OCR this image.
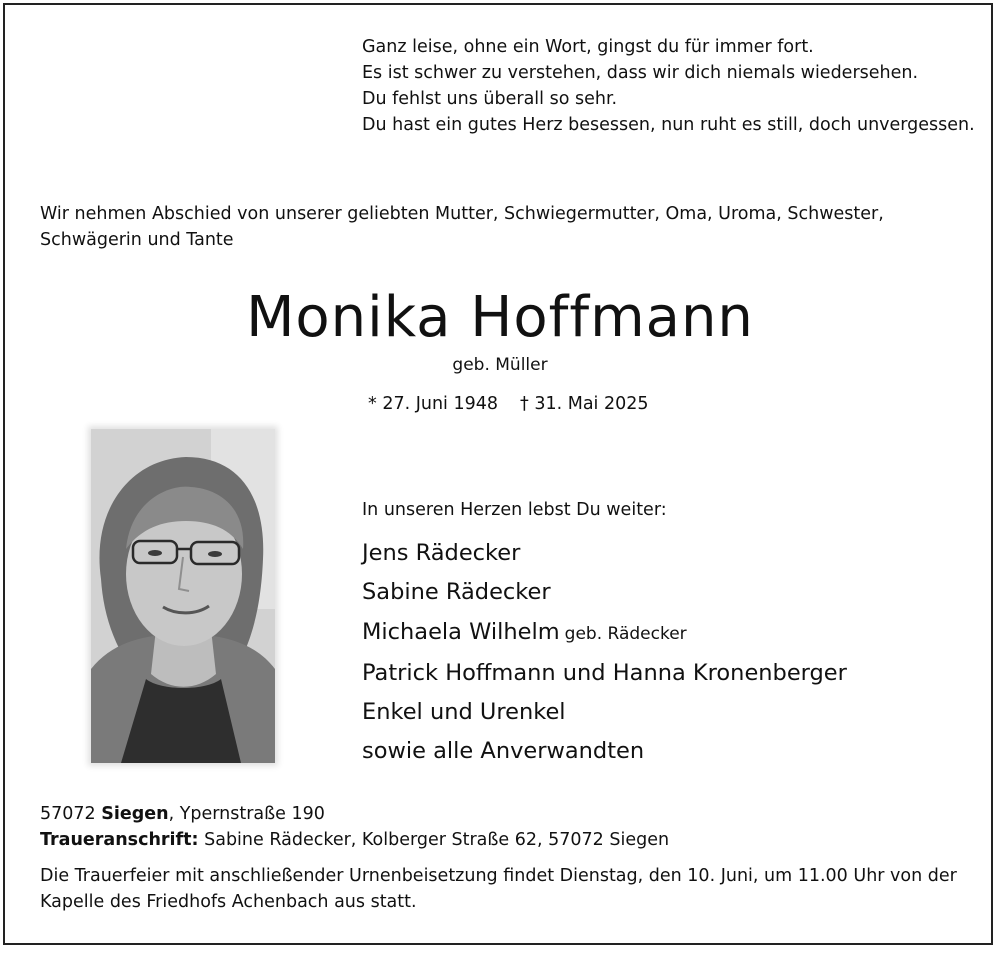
Ganz leise, ohne ein Wort, gingst du für immer fort.
Es ist schwer zu verstehen, dass wir dich niemals wiedersehen.
Du fehlst uns überall so sehr.
Du hast ein gutes Herz besessen, nun ruht es still, doch unvergessen.
Wir nehmen Abschied von unserer geliebten Mutter, Schwiegermutter, Oma, Uroma, Schwester, Schwägerin und Tante
Monika Hoffmann
geb. Müller
* 27. Juni 1948 † 31. Mai 2025
In unseren Herzen lebst Du weiter:
Jens Rädecker
Sabine Rädecker
Michaela Wilhelm geb. Rädecker
Patrick Hoffmann und Hanna Kronenberger
Enkel und Urenkel
sowie alle Anverwandten
57072 Siegen, Ypernstraße 190
Traueranschrift: Sabine Rädecker, Kolberger Straße 62, 57072 Siegen
Die Trauerfeier mit anschließender Urnenbeisetzung findet Dienstag, den 10. Juni, um 11.00 Uhr von der Kapelle des Friedhofs Achenbach aus statt.
